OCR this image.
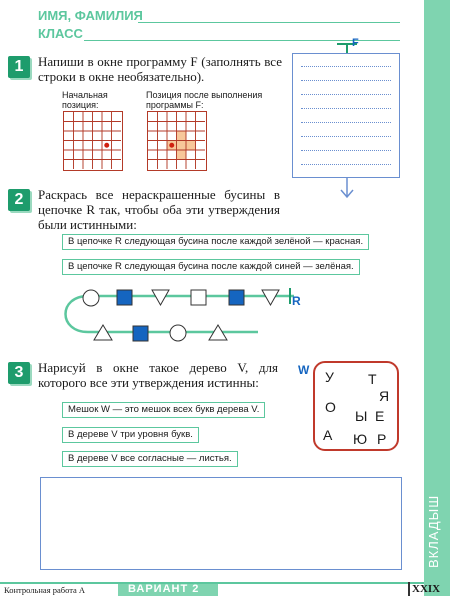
ВКЛАДЫШ
ИМЯ, ФАМИЛИЯ
КЛАСС
1	Напиши в окне программу F (заполнять все строки в окне необязательно).
Начальная позиция:
Позиция после выполнения программы F:
F
2	Раскрась все нераскрашенные бусины в цепочке R так, чтобы оба эти утверждения были истинными:
В цепочке R следующая бусина после каждой зелёной — красная.
В цепочке R следующая бусина после каждой синей — зелёная.
R
3	Нарисуй в окне такое дерево V, для которого все эти утверждения истинны:
Мешок W — это мешок всех букв дерева V.
В дереве V три уровня букв.
В дереве V все согласные — листья.
W У Т
Я
О
Ы Е
А Ю Р
Контрольная работа А	ВАРИАНТ 2	XXIX
